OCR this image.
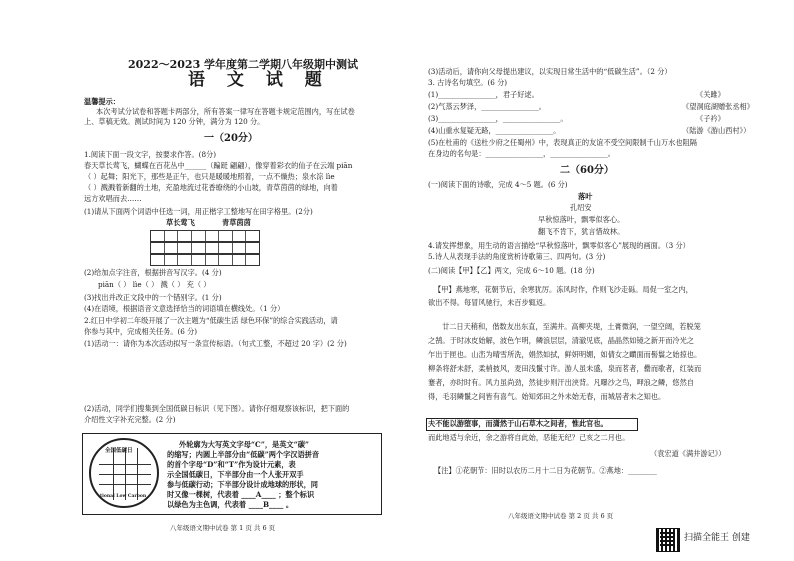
2022～2023 学年度第二学期八年级期中测试
语 文 试 题
温馨提示：
本次考试分试卷和答题卡两部分，所有答案一律写在答题卡规定范围内，写在试卷
上、草稿无效。测试时间为 120 分钟，满分为 120 分。
一（20分）
1.阅读下面一段文字，按要求作答。(8分)
春天草长莺飞，蝴蝶在百花丛中______（蹁跹 翩翩），像穿着彩衣的仙子在云端 piān
（ ）起舞；阳光下，那些是正午，也只是暖暖地照着，一点不燥热；泉水淙 lìe
（ ）溅溅着新翻的土地，充盈地流过花香缭绕的小山坡，青草茵茵的绿地，向着
远方欢唱而去……
(1)请从下面两个词语中任选一词，用正楷字工整地写在田字格里。(2分)
草长莺飞	青草茵茵
(2)给加点字注音，根据拼音写汉字。(4 分)
piān（ ） lìe（ ） 溅（ ） 充（ ）
(3)找出并改正文段中的一个错别字。(1 分)
(4)在语境，根据语音文意选择恰当的词语填在横线处。（1 分）
2.红日中学初二年级开展了一次主题为“低碳生活 绿色环保”的综合实践活动，请
你参与其中，完成相关任务。(6 分)
(1)活动一：请你为本次活动拟写一条宣传标语。（句式工整，不超过 20 字）(2 分)
(2)活动，同学们搜集到全国低碳日标识（见下图）。请你仔细观察该标识，把下面的
介绍性文字补充完整。(2 分)
全国低碳日
National Low Carbon Day
外轮廓为大写英文字母“C”，是英文“碳”
的缩写；内圆上半部分由“低碳”两个字汉语拼音
的首个字母“D”和“T”作为设计元素，表
示全国低碳日，下半部分由一个人张开双手
参与低碳行动；下半部分设计成地球的形状，同
时又像一棵树，代表着 ____A____ ；整个标识
以绿色为主色调，代表着 ____B____ 。
八年级语文期中试卷 第 1 页 共 6 页
(3)活动后，请你向父母提出建议，以实现日常生活中的“低碳生活”。（2 分）
3. 古诗名句填空。(6 分)
(1)________________，君子好逑。
(2)气蒸云梦泽，________________。
(3)________________，________________。
(4)山重水复疑无路，________________。
(5)在杜甫的《送杜少府之任蜀州》中，表现真正的友谊不受空间限制千山万水也阻隔
在身边的名句是：________________，________________。
《关雎》
《望洞庭湖赠张丞相》
《子衿》
（陆游《游山西村》）
二（60分）
(一)阅读下面的诗歌，完成 4～5 题。(6 分)
落叶
孔绍安
早秋惊落叶，飘零似客心。
翻飞不肯下，犹言惜故林。
4.请发挥想象，用生动的语言描绘“早秋惊落叶，飘零似客心”展现的画面。（3 分）
5.诗人从表现手法的角度赏析诗歌第三、四两句。(3 分)
(二)阅读【甲】【乙】两文，完成 6～10 题。(18 分)
【甲】燕地寒，花朝节后，余寒犹厉。冻风时作，作则飞沙走砾。局促一室之内，
欲出不得。每冒风驰行，未百步辄返。
廿二日天稍和，偕数友出东直，至满井。高柳夹堤，土膏微润，一望空阔，若脱笼
之鹄。于时冰皮始解，波色乍明，鳞浪层层，清澈见底，晶晶然如镜之新开而冷光之
乍出于匣也。山峦为晴雪所洗，娟然如拭，鲜妍明媚，如倩女之靧面而髻鬟之始掠也。
柳条将舒未舒，柔梢披风，麦田浅鬣寸许。游人虽未盛，泉而茗者，罍而歌者，红装而
蹇者，亦时时有。风力虽尚劲，然徒步则汗出浃背。凡曝沙之鸟，呷浪之鳞，悠然自
得，毛羽鳞鬣之间皆有喜气。始知郊田之外未始无春，而城居者未之知也。
夫不能以游堕事，而潇然于山石草木之间者，惟此官也。
而此地适与余近，余之游将自此始，恶能无纪？己亥之二月也。
（袁宏道《满井游记》）
【注】①花朝节：旧时以农历二月十二日为花朝节。②燕地：________
八年级语文期中试卷 第 2 页 共 6 页
扫描全能王 创建
